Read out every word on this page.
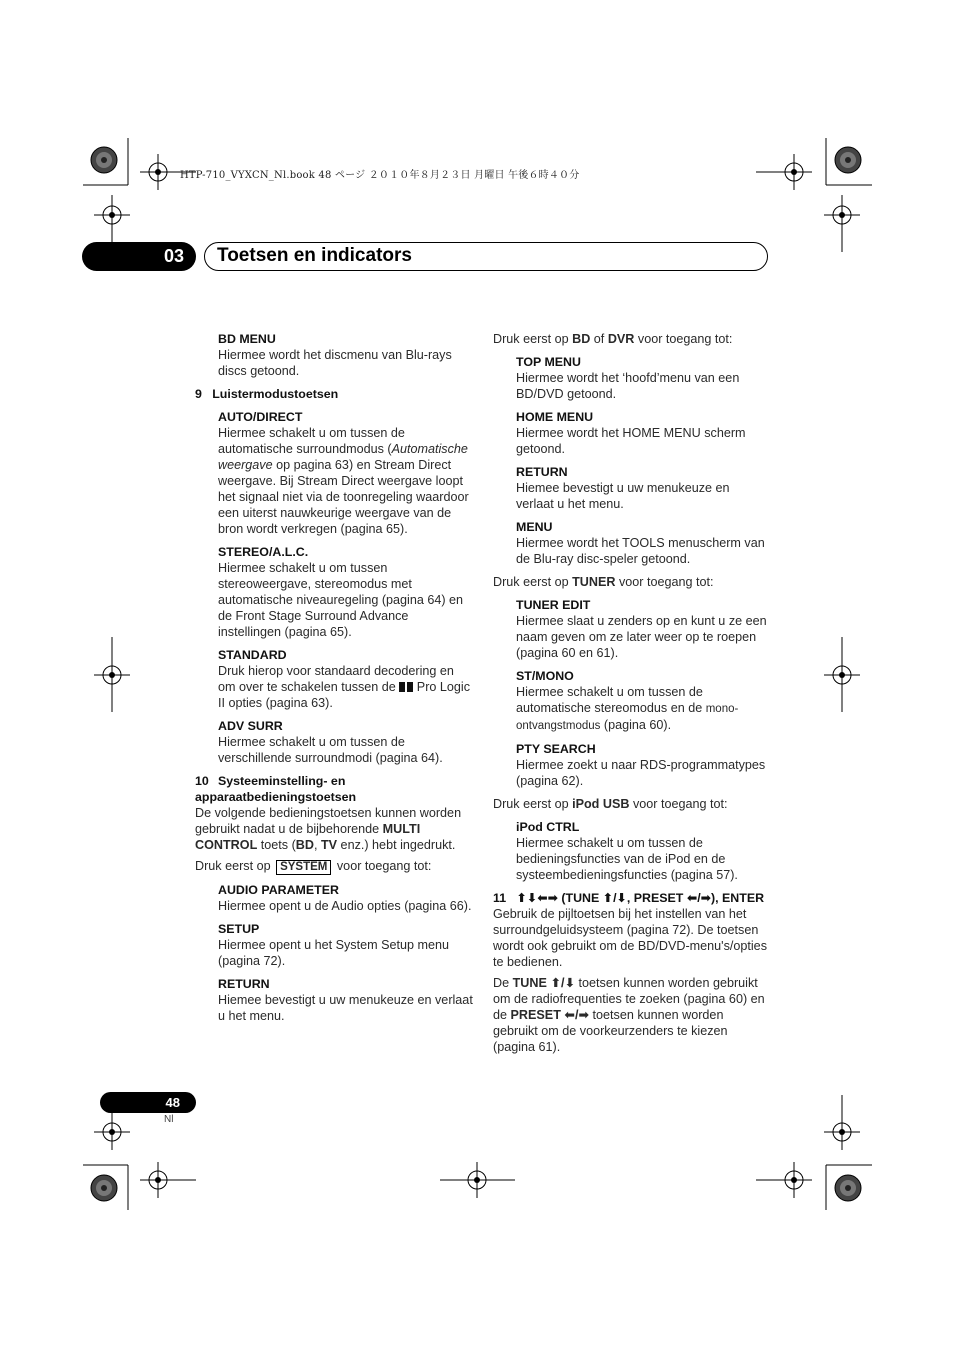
HTP-710_VYXCN_Nl.book 48 ページ ２０１０年８月２３日 月曜日 午後６時４０分
03	Toetsen en indicators

BD MENU

Hiermee wordt het discmenu van Blu-rays discs getoond.

9 Luistermodustoetsen

AUTO/DIRECT

Hiermee schakelt u om tussen de automatische surroundmodus (Automatische weergave op pagina 63) en Stream Direct weergave. Bij Stream Direct weergave loopt het signaal niet via de toonregeling waardoor een uiterst nauwkeurige weergave van de bron wordt verkregen (pagina 65).

STEREO/A.L.C.

Hiermee schakelt u om tussen stereoweergave, stereomodus met automatische niveauregeling (pagina 64) en de Front Stage Surround Advance instellingen (pagina 65).

STANDARD

Druk hierop voor standaard decodering en om over te schakelen tussen de  Pro Logic II opties (pagina 63).

ADV SURR

Hiermee schakelt u om tussen de verschillende surroundmodi (pagina 64).

10 Systeeminstelling- en apparaatbedieningstoetsen

De volgende bedieningstoetsen kunnen worden gebruikt nadat u de bijbehorende MULTI CONTROL toets (BD, TV enz.) hebt ingedrukt.

Druk eerst op SYSTEM voor toegang tot:

AUDIO PARAMETER

Hiermee opent u de Audio opties (pagina 66).

SETUP

Hiermee opent u het System Setup menu (pagina 72).

RETURN

Hiemee bevestigt u uw menukeuze en verlaat u het menu.

Druk eerst op BD of DVR voor toegang tot:

TOP MENU

Hiermee wordt het ‘hoofd’menu van een BD/DVD getoond.

HOME MENU

Hiermee wordt het HOME MENU scherm getoond.

RETURN

Hiemee bevestigt u uw menukeuze en verlaat u het menu.

MENU

Hiermee wordt het TOOLS menuscherm van de Blu-ray disc-speler getoond.

Druk eerst op TUNER voor toegang tot:

TUNER EDIT

Hiermee slaat u zenders op en kunt u ze een naam geven om ze later weer op te roepen (pagina 60 en 61).

ST/MONO

Hiermee schakelt u om tussen de automatische stereomodus en de mono-ontvangstmodus (pagina 60).

PTY SEARCH

Hiermee zoekt u naar RDS-programmatypes (pagina 62).

Druk eerst op iPod USB voor toegang tot:

iPod CTRL

Hiermee schakelt u om tussen de bedieningsfuncties van de iPod en de systeembedieningsfuncties (pagina 57).

11 ⬆⬇⬅➡ (TUNE ⬆/⬇, PRESET ⬅/➡), ENTER

Gebruik de pijltoetsen bij het instellen van het surroundgeluidsysteem (pagina 72). De toetsen wordt ook gebruikt om de BD/DVD-menu's/opties te bedienen.

De TUNE ⬆/⬇ toetsen kunnen worden gebruikt om de radiofrequenties te zoeken (pagina 60) en de PRESET ⬅/➡ toetsen kunnen worden gebruikt om de voorkeurzenders te kiezen (pagina 61).

48
Nl
